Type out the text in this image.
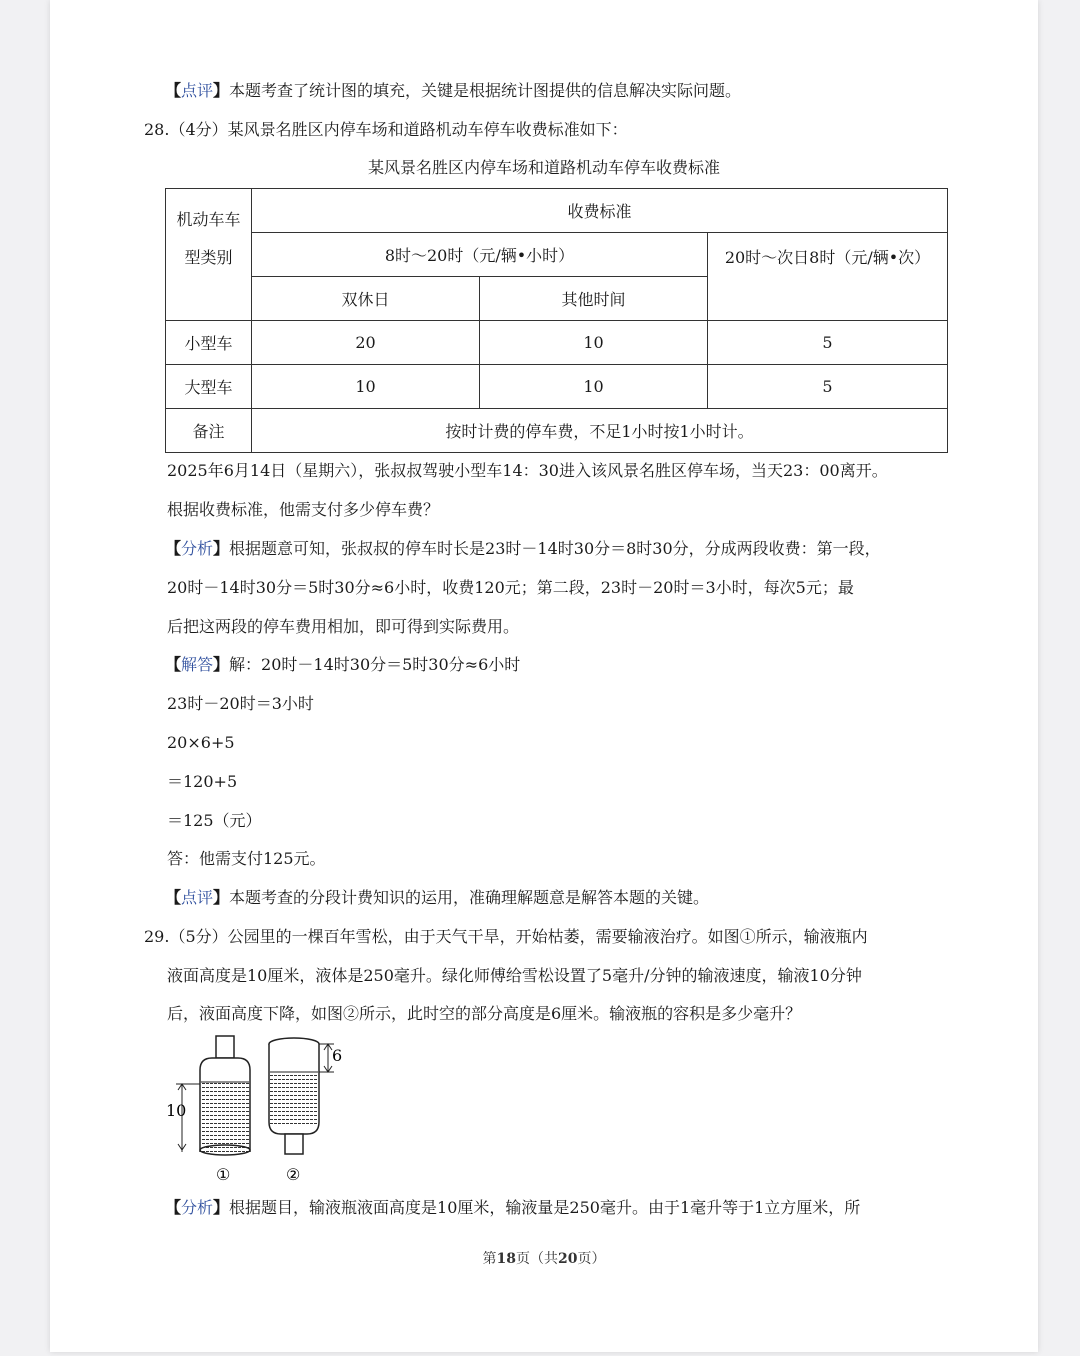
【点评】本题考查了统计图的填充，关键是根据统计图提供的信息解决实际问题。
28.（4分）某风景名胜区内停车场和道路机动车停车收费标准如下：
某风景名胜区内停车场和道路机动车停车收费标准
机动车车
型类别	收费标准		
	8时～20时（元/辆•小时）		20时～次日8时（元/辆•次）
	双休日	其他时间	
小型车	20	10	5
大型车	10	10	5
备注	按时计费的停车费，不足1小时按1小时计。		
2025年6月14日（星期六），张叔叔驾驶小型车14：30进入该风景名胜区停车场，当天23：00离开。
根据收费标准，他需支付多少停车费？
【分析】根据题意可知，张叔叔的停车时长是23时－14时30分＝8时30分，分成两段收费：第一段，
20时－14时30分＝5时30分≈6小时，收费120元；第二段，23时－20时＝3小时，每次5元；最
后把这两段的停车费用相加，即可得到实际费用。
【解答】解：20时－14时30分＝5时30分≈6小时
23时－20时＝3小时
20×6+5
＝120+5
＝125（元）
答：他需支付125元。
【点评】本题考查的分段计费知识的运用，准确理解题意是解答本题的关键。
29.（5分）公园里的一棵百年雪松，由于天气干旱，开始枯萎，需要输液治疗。如图①所示，输液瓶内
液面高度是10厘米，液体是250毫升。绿化师傅给雪松设置了5毫升/分钟的输液速度，输液10分钟
后，液面高度下降，如图②所示，此时空的部分高度是6厘米。输液瓶的容积是多少毫升？
10
①
6
②
【分析】根据题目，输液瓶液面高度是10厘米，输液量是250毫升。由于1毫升等于1立方厘米，所
第18页（共20页）
